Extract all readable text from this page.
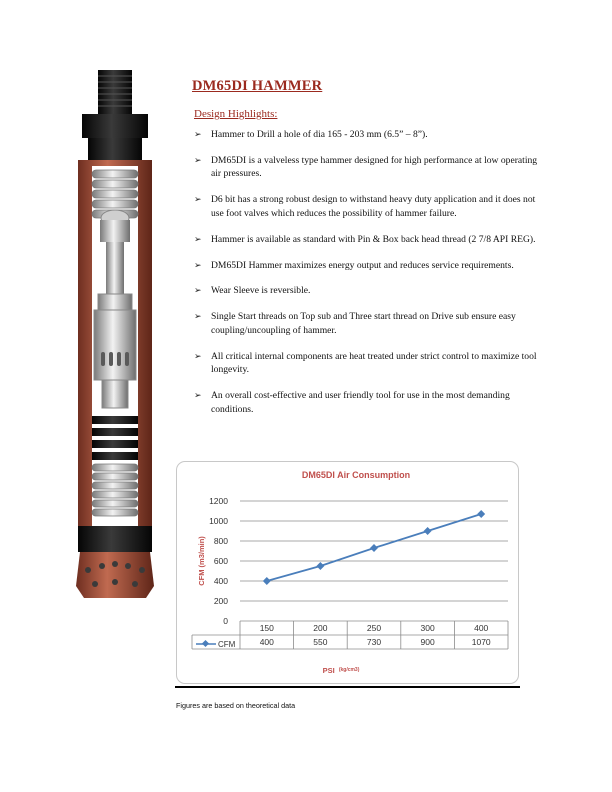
DM65DI HAMMER
Design Highlights:
➢ Hammer to Drill a hole of dia 165 - 203 mm (6.5” – 8”).
➢ DM65DI is a valveless type hammer designed for high performance at low operating air pressures.
➢ D6 bit has a strong robust design to withstand heavy duty application and it does not use foot valves which reduces the possibility of hammer failure.
➢ Hammer is available as standard with Pin & Box back head thread (2 7/8 API REG).
➢ DM65DI Hammer maximizes energy output and reduces service requirements.
➢ Wear Sleeve is reversible.
➢ Single Start threads on Top sub and Three start thread on Drive sub ensure easy coupling/uncoupling of hammer.
➢ All critical internal components are heat treated under strict control to maximize tool longevity.
➢ An overall cost-effective and user friendly tool for use in the most demanding conditions.
DM65DI Air Consumption
CFM (m3/min)
0
200
400
600
800
1000
1200
150	200	250	300	400
400	550	730	900	1070
CFM
PSI $^{(kg/cm3)}$
Figures are based on theoretical data
